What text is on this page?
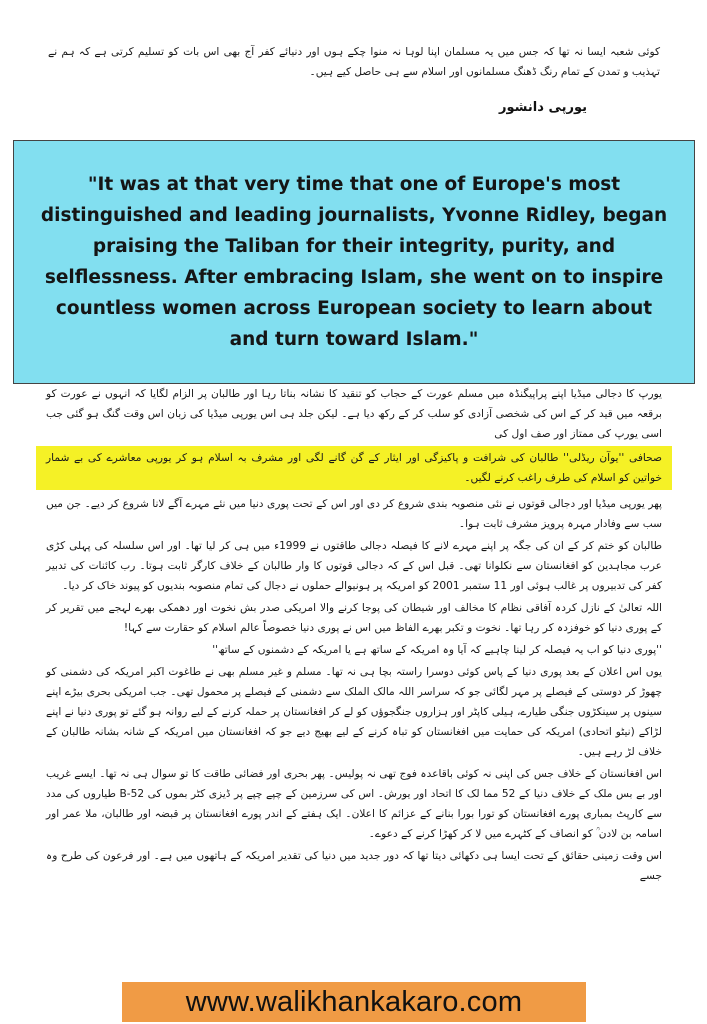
کوئی شعبہ ایسا نہ تھا کہ جس میں یہ مسلمان اپنا لوہا نہ منوا چکے ہوں اور دنیائے کفر آج بھی اس بات کو تسلیم کرتی ہے کہ ہم نے تہذیب و تمدن کے تمام رنگ ڈھنگ مسلمانوں اور اسلام سے ہی حاصل کیے ہیں۔

یورپی دانشور

"It was at that very time that one of Europe's most distinguished and leading journalists, Yvonne Ridley, began praising the Taliban for their integrity, purity, and selflessness. After embracing Islam, she went on to inspire countless women across European society to learn about and turn toward Islam."

یورپ کا دجالی میڈیا اپنے پراپیگنڈہ میں مسلم عورت کے حجاب کو تنقید کا نشانہ بناتا رہا اور طالبان پر الزام لگایا کہ انہوں نے عورت کو برقعہ میں قید کر کے اس کی شخصی آزادی کو سلب کر کے رکھ دیا ہے۔ لیکن جلد ہی اس یورپی میڈیا کی زبان اس وقت گنگ ہو گئی جب اسی یورپ کی ممتاز اور صف اول کی

صحافی ''یوآن ریڈلی'' طالبان کی شرافت و پاکیزگی اور ایثار کے گن گانے لگی اور مشرف بہ اسلام ہو کر یورپی معاشرے کی بے شمار خواتین کو اسلام کی طرف راغب کرنے لگیں۔

پھر یورپی میڈیا اور دجالی قوتوں نے نئی منصوبہ بندی شروع کر دی اور اس کے تحت پوری دنیا میں نئے مہرے آگے لانا شروع کر دیے۔ جن میں سب سے وفادار مہرہ پرویز مشرف ثابت ہوا۔

طالبان کو ختم کر کے ان کی جگہ پر اپنے مہرے لانے کا فیصلہ دجالی طاقتوں نے 1999ء میں ہی کر لیا تھا۔ اور اس سلسلہ کی پہلی کڑی عرب مجاہدین کو افغانستان سے نکلوانا تھی۔ قبل اس کے کہ دجالی قوتوں کا وار طالبان کے خلاف کارگر ثابت ہوتا۔ رب کائنات کی تدبیر کفر کی تدبیروں پر غالب ہوئی اور 11 ستمبر 2001 کو امریکہ پر ہونیوالے حملوں نے دجال کی تمام منصوبہ بندیوں کو پیوند خاک کر دیا۔

اللہ تعالیٰ کے نازل کردہ آفاقی نظام کا مخالف اور شیطان کی پوجا کرنے والا امریکی صدر بش نخوت اور دھمکی بھرے لہجے میں تقریر کر کے پوری دنیا کو خوفزدہ کر رہا تھا۔ نخوت و تکبر بھرے الفاظ میں اس نے پوری دنیا خصوصاً عالم اسلام کو حقارت سے کہا!

''پوری دنیا کو اب یہ فیصلہ کر لینا چاہیے کہ آیا وہ امریکہ کے ساتھ ہے یا امریکہ کے دشمنوں کے ساتھ''

یوں اس اعلان کے بعد پوری دنیا کے پاس کوئی دوسرا راستہ بچا ہی نہ تھا۔ مسلم و غیر مسلم بھی نے طاغوت اکبر امریکہ کی دشمنی کو چھوڑ کر دوستی کے فیصلے پر مہر لگائی جو کہ سراسر اللہ مالک الملک سے دشمنی کے فیصلے پر محمول تھی۔ جب امریکی بحری بیڑے اپنے سینوں پر سینکڑوں جنگی طیارے، ہیلی کاپٹر اور ہزاروں جنگجوؤں کو لے کر افغانستان پر حملہ کرنے کے لیے روانہ ہو گئے تو پوری دنیا نے اپنے لڑاکے (نیٹو اتحادی) امریکہ کی حمایت میں افغانستان کو تباہ کرنے کے لیے بھیج دیے جو کہ افغانستان میں امریکہ کے شانہ بشانہ طالبان کے خلاف لڑ رہے ہیں۔

اس افغانستان کے خلاف جس کی اپنی نہ کوئی باقاعدہ فوج تھی نہ پولیس۔ پھر بحری اور فضائی طاقت کا تو سوال ہی نہ تھا۔ ایسے غریب اور بے بس ملک کے خلاف دنیا کے 52 مما لک کا اتحاد اور یورش۔ اس کی سرزمین کے چپے چپے پر ڈیزی کٹر بموں کی B-52 طیاروں کی مدد سے کارپٹ بمباری پورے افغانستان کو تورا بورا بنانے کے عزائم کا اعلان۔ ایک ہفتے کے اندر پورے افغانستان پر قبضہ اور طالبان، ملا عمر اور اسامہ بن لادن ؒ کو انصاف کے کٹہرے میں لا کر کھڑا کرنے کے دعوے۔

اس وقت زمینی حقائق کے تحت ایسا ہی دکھائی دیتا تھا کہ دور جدید میں دنیا کی تقدیر امریکہ کے ہاتھوں میں ہے۔ اور فرعون کی طرح وہ جسے

www.walikhankakaro.com
